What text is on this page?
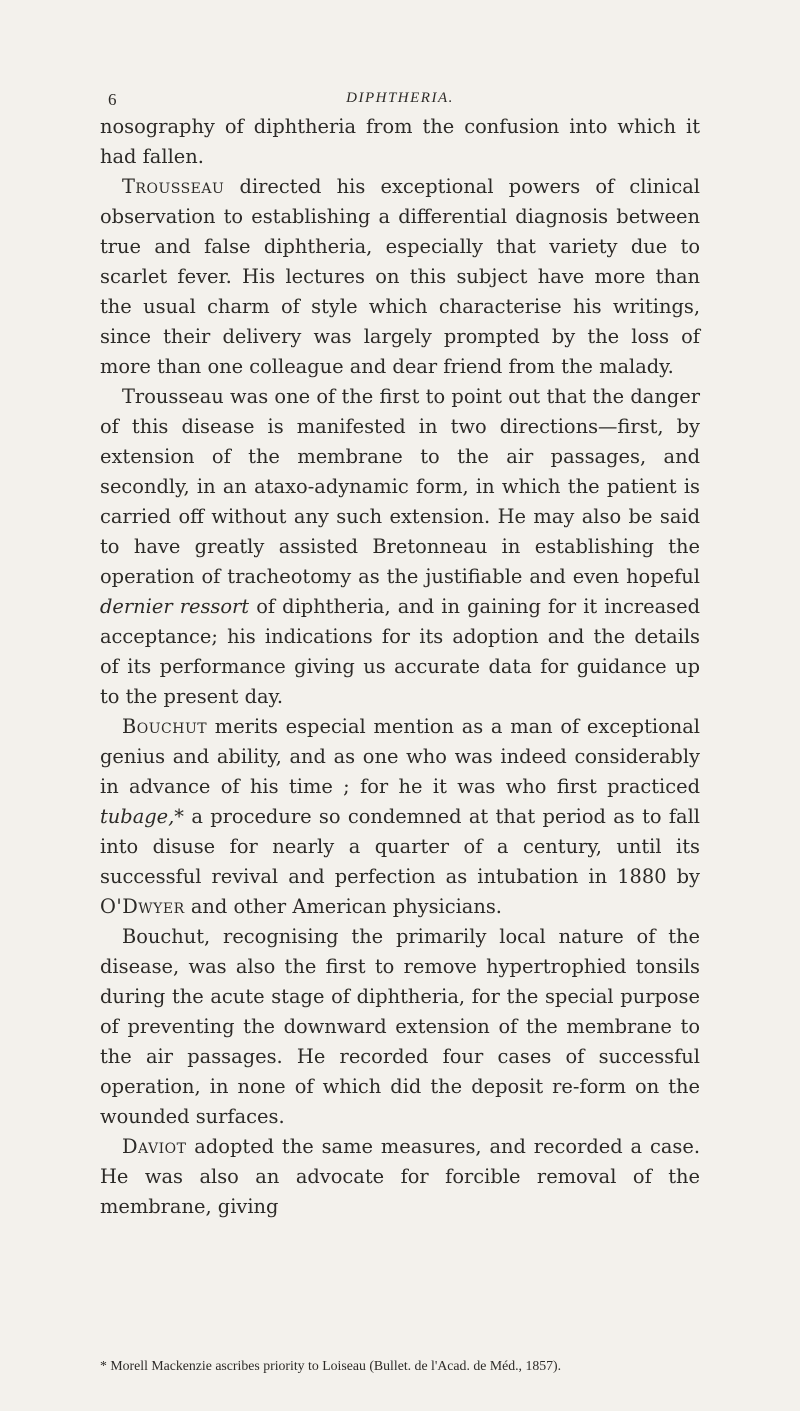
6	DIPHTHERIA.

nosography of diphtheria from the confusion into which it had fallen.

Trousseau directed his exceptional powers of clinical observation to establishing a differential diagnosis between true and false diphtheria, especially that variety due to scarlet fever. His lectures on this subject have more than the usual charm of style which characterise his writings, since their delivery was largely prompted by the loss of more than one colleague and dear friend from the malady.

Trousseau was one of the first to point out that the danger of this disease is manifested in two directions—first, by extension of the membrane to the air passages, and secondly, in an ataxo-adynamic form, in which the patient is carried off without any such extension. He may also be said to have greatly assisted Bretonneau in establishing the operation of tracheotomy as the justifiable and even hopeful dernier ressort of diphtheria, and in gaining for it increased acceptance; his indications for its adoption and the details of its performance giving us accurate data for guidance up to the present day.

Bouchut merits especial mention as a man of exceptional genius and ability, and as one who was indeed considerably in advance of his time ; for he it was who first practiced tubage,* a procedure so condemned at that period as to fall into disuse for nearly a quarter of a century, until its successful revival and perfection as intubation in 1880 by O'Dwyer and other American physicians.

Bouchut, recognising the primarily local nature of the disease, was also the first to remove hypertrophied tonsils during the acute stage of diphtheria, for the special purpose of preventing the downward extension of the membrane to the air passages. He recorded four cases of successful operation, in none of which did the deposit re-form on the wounded surfaces.

Daviot adopted the same measures, and recorded a case. He was also an advocate for forcible removal of the membrane, giving

* Morell Mackenzie ascribes priority to Loiseau (Bullet. de l'Acad. de Méd., 1857).
